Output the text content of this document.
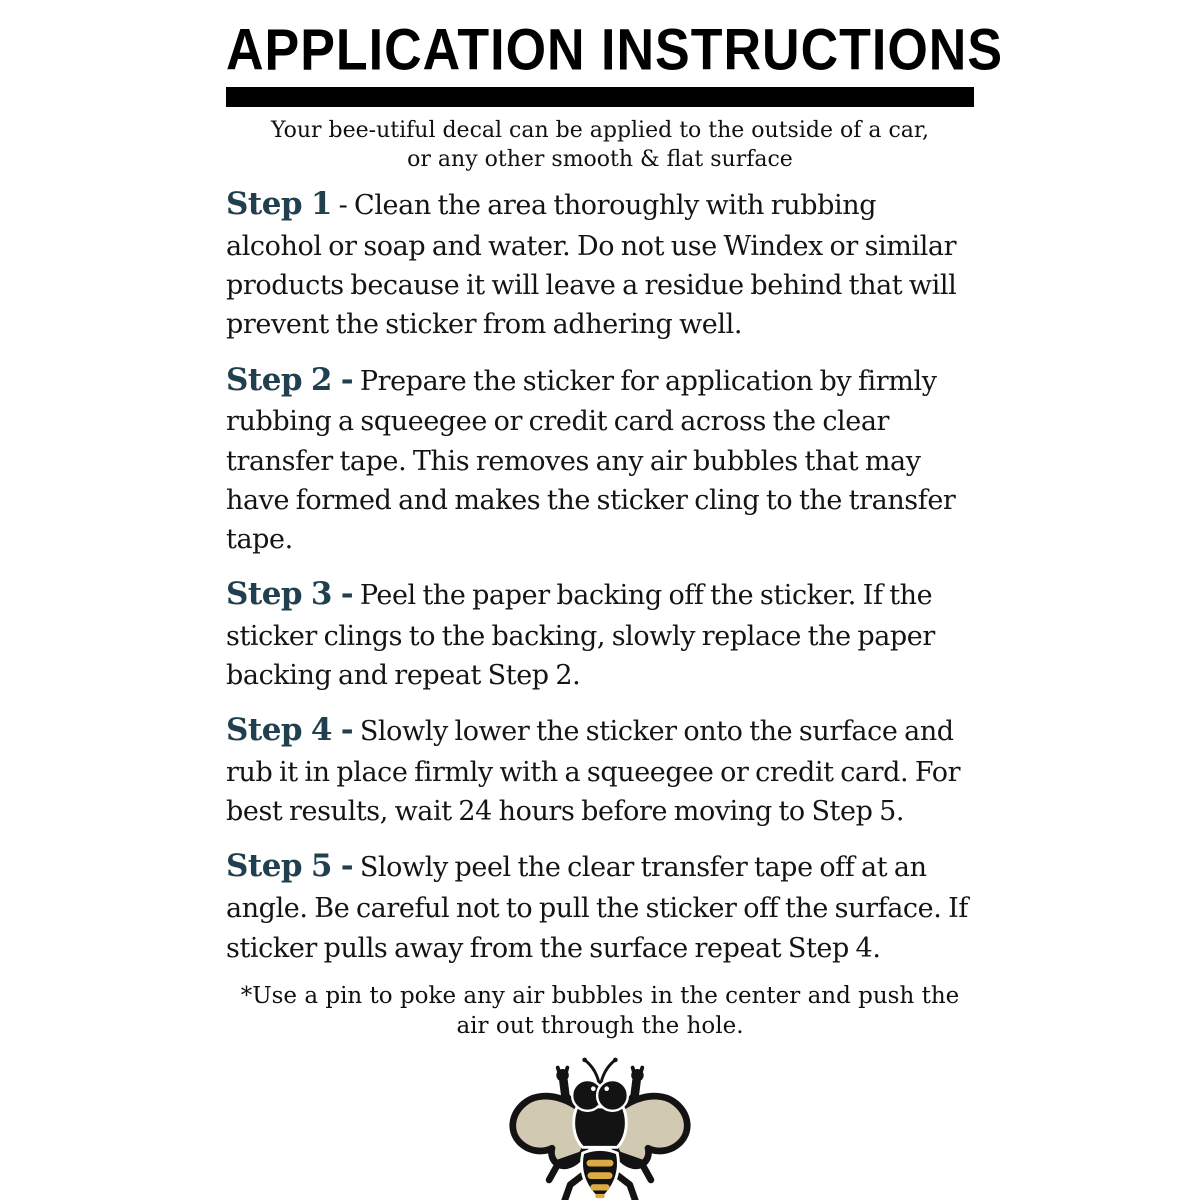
APPLICATION INSTRUCTIONS
Your bee-utiful decal can be applied to the outside of a car, or any other smooth & flat surface

Step 1 - Clean the area thoroughly with rubbing alcohol or soap and water. Do not use Windex or similar products because it will leave a residue behind that will prevent the sticker from adhering well.

Step 2 - Prepare the sticker for application by firmly rubbing a squeegee or credit card across the clear transfer tape. This removes any air bubbles that may have formed and makes the sticker cling to the transfer tape.

Step 3 - Peel the paper backing off the sticker. If the sticker clings to the backing, slowly replace the paper backing and repeat Step 2.

Step 4 - Slowly lower the sticker onto the surface and rub it in place firmly with a squeegee or credit card. For best results, wait 24 hours before moving to Step 5.

Step 5 - Slowly peel the clear transfer tape off at an angle. Be careful not to pull the sticker off the surface. If sticker pulls away from the surface repeat Step 4.

*Use a pin to poke any air bubbles in the center and push the air out through the hole.
